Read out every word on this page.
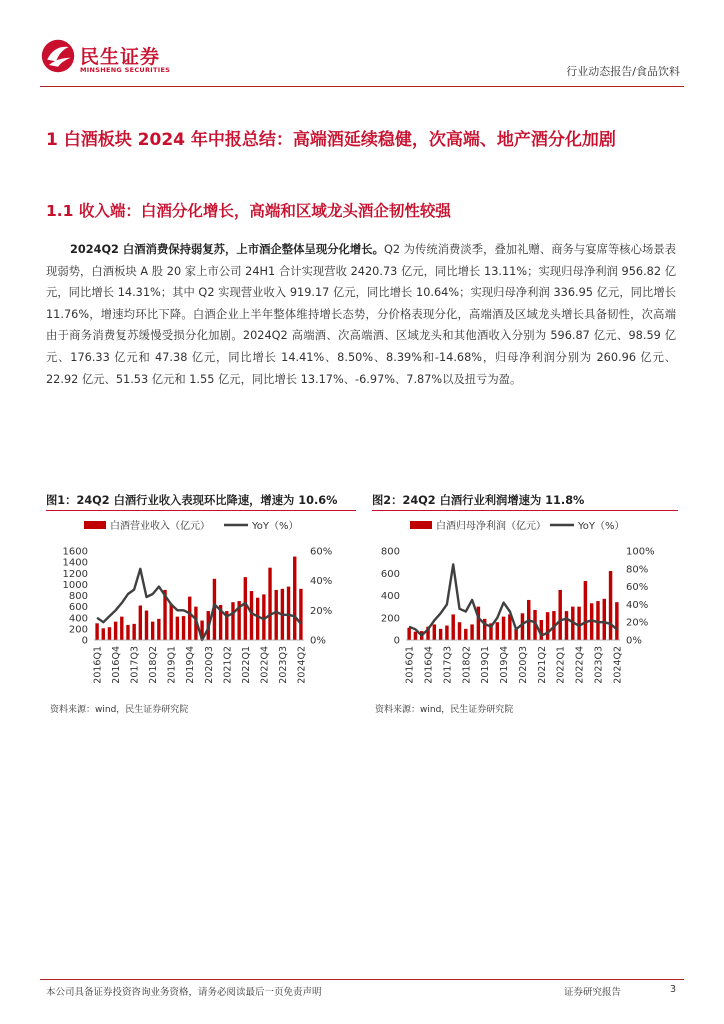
民生证券
MINSHENG SECURITIES	行业动态报告/食品饮料
1 白酒板块 2024 年中报总结：高端酒延续稳健，次高端、地产酒分化加剧
1.1 收入端：白酒分化增长，高端和区域龙头酒企韧性较强
2024Q2 白酒消费保持弱复苏，上市酒企整体呈现分化增长。Q2 为传统消费淡季，叠加礼赠、商务与宴席等核心场景表现弱势，白酒板块 A 股 20 家上市公司 24H1 合计实现营收 2420.73 亿元，同比增长 13.11%；实现归母净利润 956.82 亿元，同比增长 14.31%；其中 Q2 实现营业收入 919.17 亿元，同比增长 10.64%；实现归母净利润 336.95 亿元，同比增长 11.76%，增速均环比下降。白酒企业上半年整体维持增长态势，分价格表现分化，高端酒及区域龙头增长具备韧性，次高端由于商务消费复苏缓慢受损分化加剧。2024Q2 高端酒、次高端酒、区域龙头和其他酒收入分别为 596.87 亿元、98.59 亿元、176.33 亿元和 47.38 亿元，同比增长 14.41%、8.50%、8.39%和-14.68%，归母净利润分别为 260.96 亿元、22.92 亿元、51.53 亿元和 1.55 亿元，同比增长 13.17%、-6.97%、7.87%以及扭亏为盈。
图1：24Q2 白酒行业收入表现环比降速，增速为 10.6%	图2：24Q2 白酒行业利润增速为 11.8%
白酒营业收入（亿元）	YoY（%）
0
200
400
600
800
1000
1200
1400
1600
0%
20%
40%
60%
2016Q1 2016Q4 2017Q3 2018Q2 2019Q1 2019Q4 2020Q3 2021Q2 2022Q1 2022Q4 2023Q3 2024Q2
白酒归母净利润（亿元）	YoY（%）
0
200
400
600
800
0%
20%
40%
60%
80%
100%
2016Q1 2016Q4 2017Q3 2018Q2 2019Q1 2019Q4 2020Q3 2021Q2 2022Q1 2022Q4 2023Q3 2024Q2
资料来源：wind，民生证券研究院	资料来源：wind，民生证券研究院
本公司具备证券投资咨询业务资格，请务必阅读最后一页免责声明	证券研究报告	3
